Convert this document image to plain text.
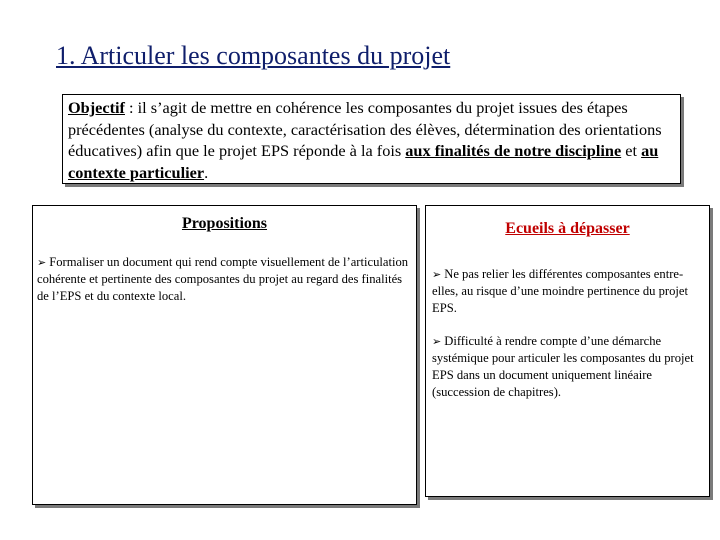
1. Articuler les composantes du projet
Objectif : il s’agit de mettre en cohérence les composantes du projet issues des étapes précédentes (analyse du contexte, caractérisation des élèves, détermination des orientations éducatives) afin que le projet EPS réponde à la fois aux finalités de notre discipline et au contexte particulier.
Propositions
➢ Formaliser un document qui rend compte visuellement de l’articulation cohérente et pertinente des composantes du projet au regard des finalités de l’EPS et du contexte local.
Ecueils à dépasser
➢ Ne pas relier les différentes composantes entre-elles, au risque d’une moindre pertinence du projet EPS.
➢ Difficulté à rendre compte d’une démarche systémique pour articuler les composantes du projet EPS dans un document uniquement linéaire (succession de chapitres).
